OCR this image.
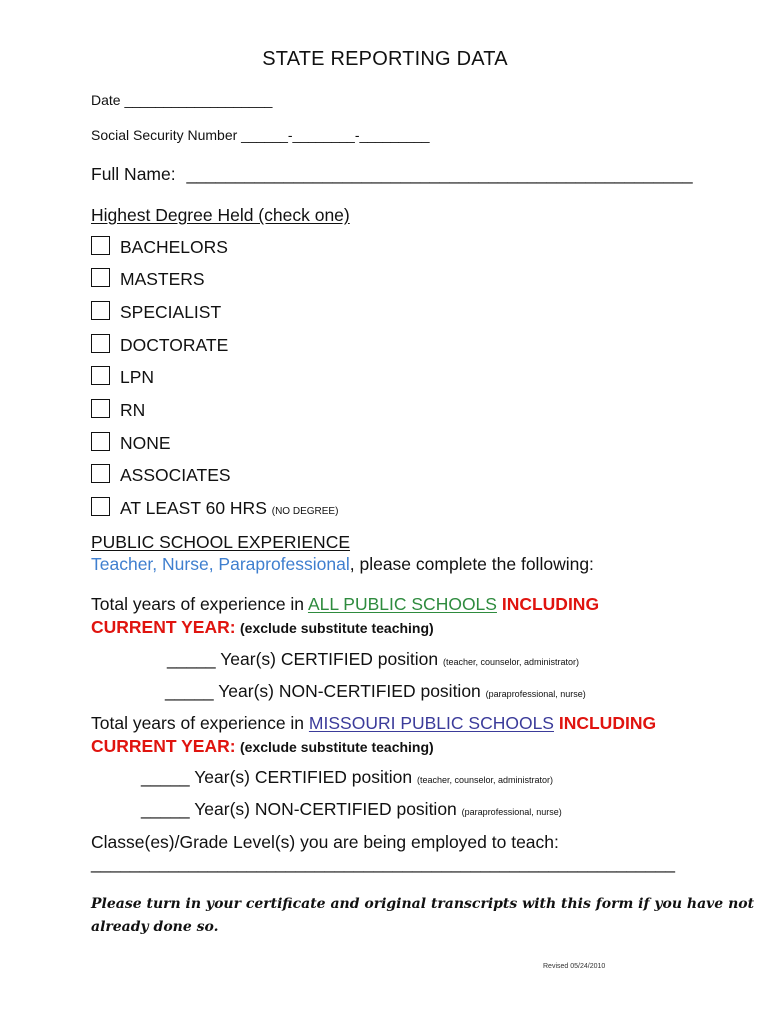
STATE REPORTING DATA
Date ___________________
Social Security Number ______-________-_________
Full Name: ____________________________________________________
Highest Degree Held (check one)
BACHELORS
MASTERS
SPECIALIST
DOCTORATE
LPN
RN
NONE
ASSOCIATES
AT LEAST 60 HRS (NO DEGREE)
PUBLIC SCHOOL EXPERIENCE
Teacher, Nurse, Paraprofessional, please complete the following:
Total years of experience in ALL PUBLIC SCHOOLS INCLUDING
CURRENT YEAR: (exclude substitute teaching)
_____ Year(s) CERTIFIED position (teacher, counselor, administrator)
_____ Year(s) NON-CERTIFIED position (paraprofessional, nurse)
Total years of experience in MISSOURI PUBLIC SCHOOLS INCLUDING
CURRENT YEAR: (exclude substitute teaching)
_____ Year(s) CERTIFIED position (teacher, counselor, administrator)
_____ Year(s) NON-CERTIFIED position (paraprofessional, nurse)
Classe(es)/Grade Level(s) you are being employed to teach:
____________________________________________________________
Please turn in your certificate and original transcripts with this form if you have not
already done so.
Revised 05/24/2010
